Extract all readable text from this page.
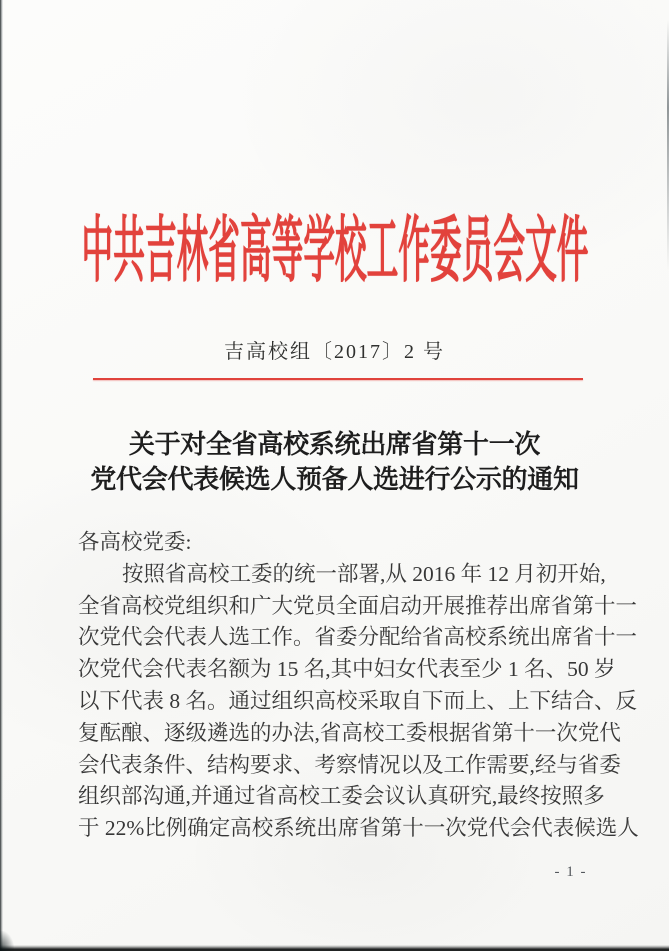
中共吉林省高等学校工作委员会文件
吉高校组〔2017〕2 号
关于对全省高校系统出席省第十一次
党代会代表候选人预备人选进行公示的通知
各高校党委:
按照省高校工委的统一部署,从 2016 年 12 月初开始,
全省高校党组织和广大党员全面启动开展推荐出席省第十一
次党代会代表人选工作。省委分配给省高校系统出席省十一
次党代会代表名额为 15 名,其中妇女代表至少 1 名、50 岁
以下代表 8 名。通过组织高校采取自下而上、上下结合、反
复酝酿、逐级遴选的办法,省高校工委根据省第十一次党代
会代表条件、结构要求、考察情况以及工作需要,经与省委
组织部沟通,并通过省高校工委会议认真研究,最终按照多
于 22%比例确定高校系统出席省第十一次党代会代表候选人
- 1 -
